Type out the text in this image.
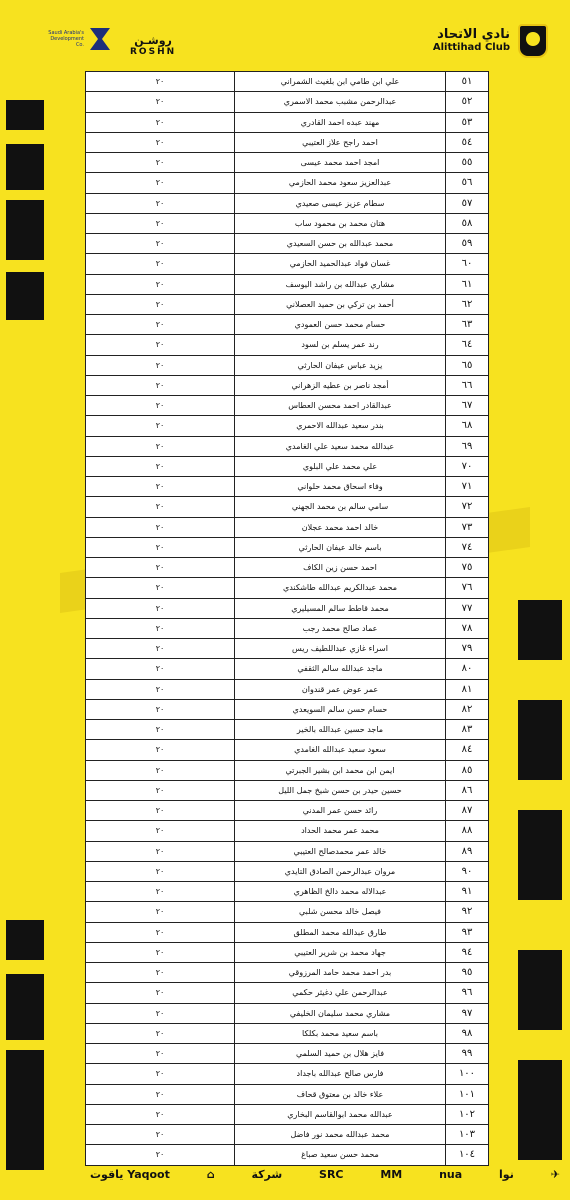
نادي الاتحاد
Alittihad Club
روشـن
ROSHN
Saudi Arabia's Development Co.
٢٠	علي ابن طامي ابن بلغيث الشمراني	٥١
٢٠	عبدالرحمن مشبب محمد الاسمري	٥٢
٢٠	مهند عبده احمد القادري	٥٣
٢٠	احمد راجح علاز العتيبي	٥٤
٢٠	امجد احمد محمد عيسى	٥٥
٢٠	عبدالعزيز سعود محمد الحازمي	٥٦
٢٠	سطام عزيز عيسى صعيدي	٥٧
٢٠	هتان محمد بن محمود ساب	٥٨
٢٠	محمد عبدالله بن حسن السعيدي	٥٩
٢٠	غسان فواد عبدالحميد الحازمي	٦٠
٢٠	مشاري عبدالله بن راشد اليوسف	٦١
٢٠	أحمد بن تركي بن حميد العصلاني	٦٢
٢٠	حسام محمد حسن العمودي	٦٣
٢٠	رند عمر يسلم بن لسود	٦٤
٢٠	يزيد عباس عيفان الحارثي	٦٥
٢٠	أمجد ناصر بن عطيه الزهراني	٦٦
٢٠	عبدالقادر احمد محسن العطاس	٦٧
٢٠	بندر سعيد عبدالله الاحمري	٦٨
٢٠	عبدالله محمد سعيد علي الغامدي	٦٩
٢٠	علي محمد علي البلوي	٧٠
٢٠	وفاء اسحاق محمد حلواني	٧١
٢٠	سامي سالم بن محمد الجهني	٧٢
٢٠	خالد احمد محمد عجلان	٧٣
٢٠	باسم خالد عيفان الحارثي	٧٤
٢٠	احمد حسن زين الكاف	٧٥
٢٠	محمد عبدالكريم عبدالله طاشكندي	٧٦
٢٠	محمد قاطط سالم المسيليري	٧٧
٢٠	عماد صالح محمد رجب	٧٨
٢٠	اسراء غازي عبداللطيف ريس	٧٩
٢٠	ماجد عبدالله سالم الثقفي	٨٠
٢٠	عمر عوض عمر قندوان	٨١
٢٠	حسام حسن سالم السويعدي	٨٢
٢٠	ماجد حسين عبدالله بالخير	٨٣
٢٠	سعود سعيد عبدالله الغامدي	٨٤
٢٠	ايمن ابن محمد ابن بشير الجبرتي	٨٥
٢٠	حسين حيدر بن حسن شيخ جمل الليل	٨٦
٢٠	رائد حسن عمر المدني	٨٧
٢٠	محمد عمر محمد الحداد	٨٨
٢٠	خالد عمر محمدصالح العتيبي	٨٩
٢٠	مروان عبدالرحمن الصادق التايدي	٩٠
٢٠	عبدالاله محمد دالخ الظاهري	٩١
٢٠	فيصل خالد محسن شلبي	٩٢
٢٠	طارق عبدالله محمد المطلق	٩٣
٢٠	جهاد محمد بن شرير العتيبي	٩٤
٢٠	بدر احمد محمد حامد المرزوقي	٩٥
٢٠	عبدالرحمن علي دغيثر حكمي	٩٦
٢٠	مشاري محمد سليمان الخليفي	٩٧
٢٠	باسم سعيد محمد بكلكا	٩٨
٢٠	فايز هلال بن حميد السلمي	٩٩
٢٠	فارس صالح عبدالله باجداد	١٠٠
٢٠	علاء خالد بن معتوق قحاف	١٠١
٢٠	عبدالله محمد ابوالقاسم البخاري	١٠٢
٢٠	محمد عبدالله محمد نور فاضل	١٠٣
٢٠	محمد حسن سعيد صباغ	١٠٤
ياقوت Yaqoot	⌂	شركة	SRC	MM	nua	نوا	✈
